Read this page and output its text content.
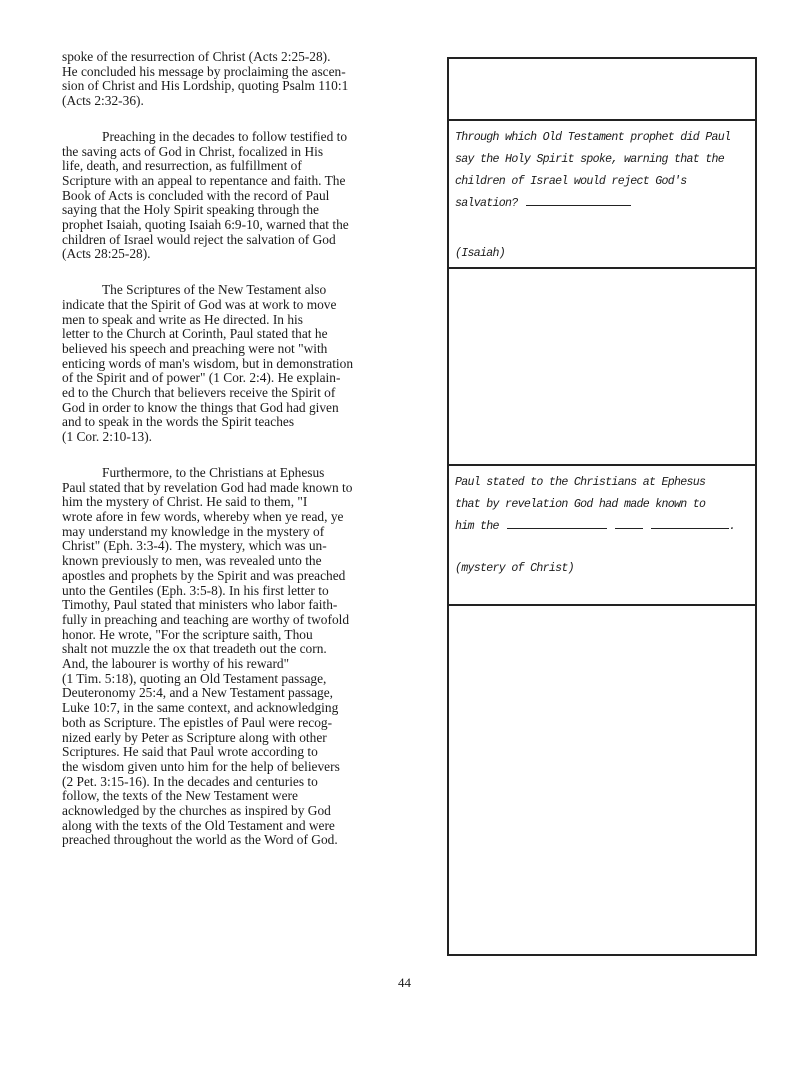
spoke of the resurrection of Christ (Acts 2:25-28).
He concluded his message by proclaiming the ascen-
sion of Christ and His Lordship, quoting Psalm 110:1
(Acts 2:32-36).
Preaching in the decades to follow testified to
the saving acts of God in Christ, focalized in His
life, death, and resurrection, as fulfillment of
Scripture with an appeal to repentance and faith. The
Book of Acts is concluded with the record of Paul
saying that the Holy Spirit speaking through the
prophet Isaiah, quoting Isaiah 6:9-10, warned that the
children of Israel would reject the salvation of God
(Acts 28:25-28).
The Scriptures of the New Testament also
indicate that the Spirit of God was at work to move
men to speak and write as He directed. In his
letter to the Church at Corinth, Paul stated that he
believed his speech and preaching were not "with
enticing words of man's wisdom, but in demonstration
of the Spirit and of power" (1 Cor. 2:4). He explain-
ed to the Church that believers receive the Spirit of
God in order to know the things that God had given
and to speak in the words the Spirit teaches
(1 Cor. 2:10-13).
Furthermore, to the Christians at Ephesus
Paul stated that by revelation God had made known to
him the mystery of Christ. He said to them, "I
wrote afore in few words, whereby when ye read, ye
may understand my knowledge in the mystery of
Christ" (Eph. 3:3-4). The mystery, which was un-
known previously to men, was revealed unto the
apostles and prophets by the Spirit and was preached
unto the Gentiles (Eph. 3:5-8). In his first letter to
Timothy, Paul stated that ministers who labor faith-
fully in preaching and teaching are worthy of twofold
honor. He wrote, "For the scripture saith, Thou
shalt not muzzle the ox that treadeth out the corn.
And, the labourer is worthy of his reward"
(1 Tim. 5:18), quoting an Old Testament passage,
Deuteronomy 25:4, and a New Testament passage,
Luke 10:7, in the same context, and acknowledging
both as Scripture. The epistles of Paul were recog-
nized early by Peter as Scripture along with other
Scriptures. He said that Paul wrote according to
the wisdom given unto him for the help of believers
(2 Pet. 3:15-16). In the decades and centuries to
follow, the texts of the New Testament were
acknowledged by the churches as inspired by God
along with the texts of the Old Testament and were
preached throughout the world as the Word of God.
Through which Old Testament prophet did Paul
say the Holy Spirit spoke, warning that the
children of Israel would reject God's
salvation?
(Isaiah)
Paul stated to the Christians at Ephesus
that by revelation God had made known to
him the	.
(mystery of Christ)
44
